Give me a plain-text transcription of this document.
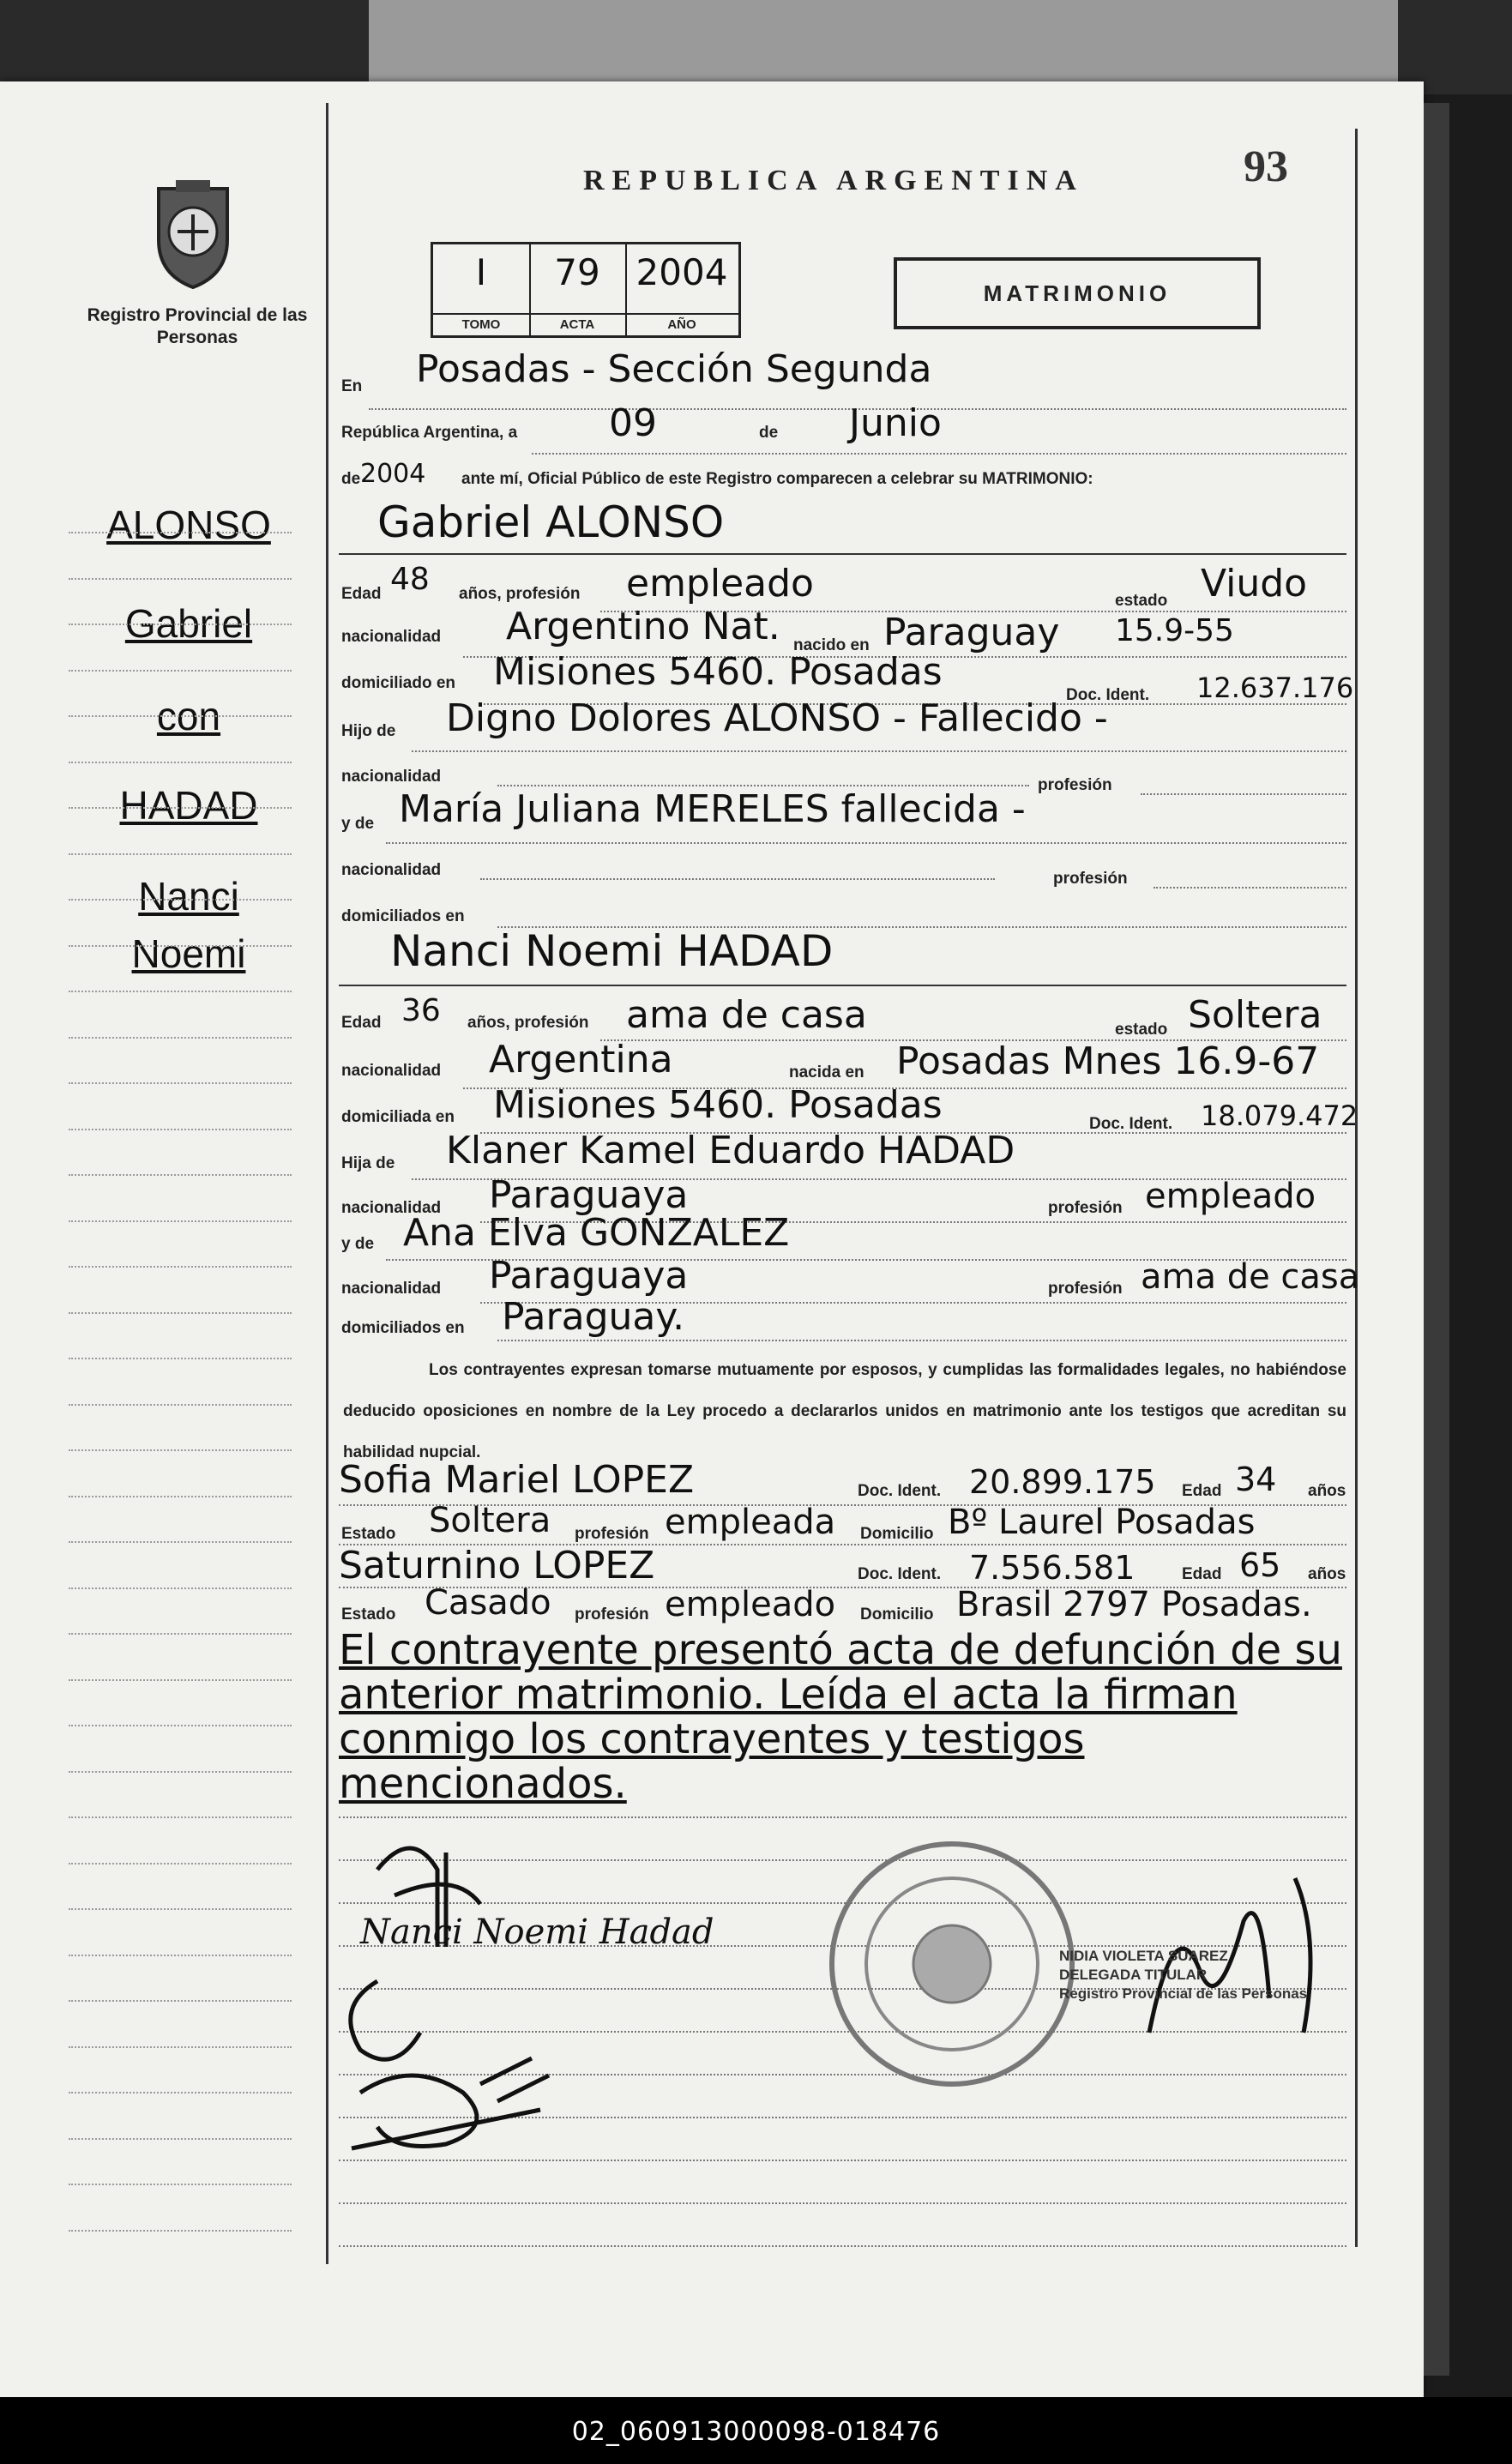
Registro Provincial de las Personas
REPUBLICA ARGENTINA	93
I
TOMO
79
ACTA
2004
AÑO
MATRIMONIO
ALONSO
Gabriel
con
HADAD
Nanci
Noemi
En Posadas - Sección Segunda
República Argentina, a 09	de Junio
de 2004 ante mí, Oficial Público de este Registro comparecen a celebrar su MATRIMONIO:
Gabriel ALONSO
Edad 48 años, profesión empleado	estado Viudo
nacionalidad Argentino Nat. nacido en Paraguay 15.9-55
domiciliado en Misiones 5460. Posadas
Doc. Ident. 12.637.176
Hijo de Digno Dolores ALONSO - Fallecido -
nacionalidad	profesión
y de María Juliana MERELES fallecida -
nacionalidad	profesión
domiciliados en
Nanci Noemi HADAD
Edad 36 años, profesión ama de casa	estado Soltera
nacionalidad Argentina	nacida en Posadas Mnes 16.9-67
domiciliada en Misiones 5460. Posadas	Doc. Ident. 18.079.472
Hija de Klaner Kamel Eduardo HADAD
nacionalidad Paraguaya	profesión empleado
y de Ana Elva GONZALEZ
nacionalidad Paraguaya	profesión ama de casa
domiciliados en Paraguay.
Los contrayentes expresan tomarse mutuamente por esposos, y cumplidas las formalidades legales, no habiéndose deducido oposiciones en nombre de la Ley procedo a declararlos unidos en matrimonio ante los testigos que acreditan su habilidad nupcial.
Sofia Mariel LOPEZ	Doc. Ident. 20.899.175 Edad 34 años
Estado Soltera profesión empleada Domicilio Bº Laurel Posadas
Saturnino LOPEZ	Doc. Ident. 7.556.581	Edad 65 años
Estado Casado profesión empleado Domicilio Brasil 2797 Posadas.
El contrayente presentó acta de defunción de su anterior matrimonio. Leída el acta la firman conmigo los contrayentes y testigos mencionados.
Nanci Noemi Hadad
NIDIA VIOLETA SUAREZ
DELEGADA TITULAR
Registro Provincial de las Personas
02_060913000098-018476
